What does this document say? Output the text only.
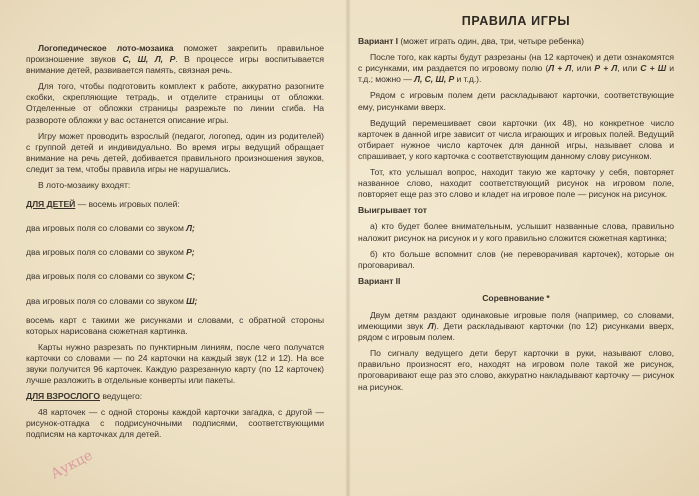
Логопедическое лото-мозаика поможет закрепить правильное произношение звуков С, Ш, Л, Р. В процессе игры воспитывается внимание детей, развивается память, связная речь.

Для того, чтобы подготовить комплект к работе, аккуратно разогните скобки, скрепляющие тетрадь, и отделите страницы от обложки. Отделенные от обложки страницы разрежьте по линии сгиба. На развороте обложки у вас останется описание игры.

Игру может проводить взрослый (педагог, логопед, один из родителей) с группой детей и индивидуально. Во время игры ведущий обращает внимание на речь детей, добивается правильного произношения звуков, следит за тем, чтобы правила игры не нарушались.

В лото-мозаику входят:

ДЛЯ ДЕТЕЙ — восемь игровых полей:

два игровых поля со словами со звуком Л;

два игровых поля со словами со звуком Р;

два игровых поля со словами со звуком С;

два игровых поля со словами со звуком Ш;

восемь карт с такими же рисунками и словами, с обратной стороны которых нарисована сюжетная картинка.

Карты нужно разрезать по пунктирным линиям, после чего получатся карточки со словами — по 24 карточки на каждый звук (12 и 12). На все звуки получится 96 карточек. Каждую разрезанную карту (по 12 карточек) лучше разложить в отдельные конверты или пакеты.

ДЛЯ ВЗРОСЛОГО ведущего:

48 карточек — с одной стороны каждой карточки загадка, с другой — рисунок-отгадка с подрисуночными подписями, соответствующими подписям на карточках для детей.

ПРАВИЛА ИГРЫ

Вариант I (может играть один, два, три, четыре ребенка)

После того, как карты будут разрезаны (на 12 карточек) и дети ознакомятся с рисунками, им раздается по игровому полю (Л + Л, или Р + Л, или С + Ш и т.д.; можно — Л, С, Ш, Р и т.д.).

Рядом с игровым полем дети раскладывают карточки, соответствующие ему, рисунками вверх.

Ведущий перемешивает свои карточки (их 48), но конкретное число карточек в данной игре зависит от числа играющих и игровых полей. Ведущий отбирает нужное число карточек для данной игры, называет слова и спрашивает, у кого карточка с соответствующим данному слову рисунком.

Тот, кто услышал вопрос, находит такую же карточку у себя, повторяет названное слово, находит соответствующий рисунок на игровом поле, повторяет еще раз это слово и кладет на игровое поле — рисунок на рисунок.

Выигрывает тот

а) кто будет более внимательным, услышит названные слова, правильно наложит рисунок на рисунок и у кого правильно сложится сюжетная картинка;

б) кто больше вспомнит слов (не переворачивая карточек), которые он проговаривал.

Вариант II

Соревнование *

Двум детям раздают одинаковые игровые поля (например, со словами, имеющими звук Л). Дети раскладывают карточки (по 12) рисунками вверх, рядом с игровым полем.

По сигналу ведущего дети берут карточки в руки, называют слово, правильно произносят его, находят на игровом поле такой же рисунок, проговаривают еще раз это слово, аккуратно накладывают карточку — рисунок на рисунок.

Аукце
